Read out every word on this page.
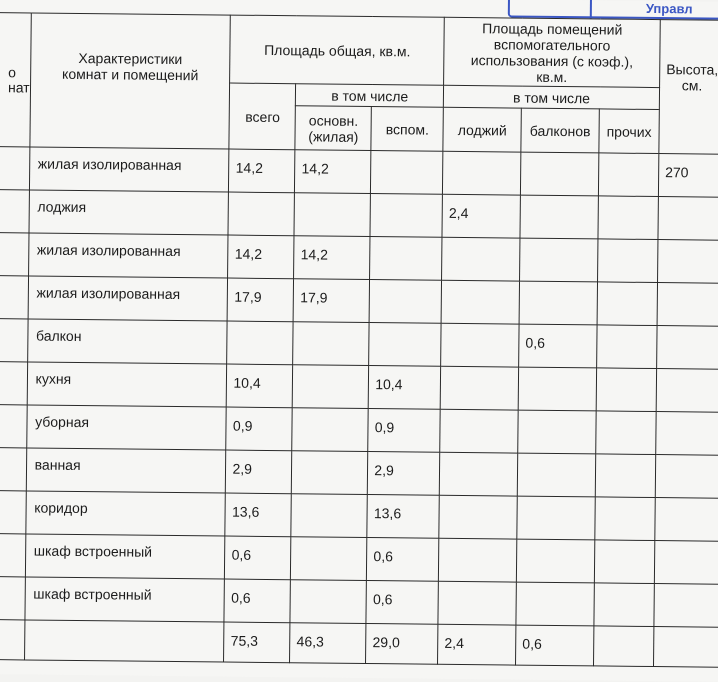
Управл
о
нат	Характеристики комнат и помещений	Площадь общая, кв.м.			Площадь помещений вспомогательного использования (с коэф.), кв.м.			Высота, см.

		всего	в том числе		в том числе			

			основн. (жилая)	вспом.	лоджий	балконов	прочих	

	жилая изолированная	14,2	14,2					270

	лоджия				2,4			

	жилая изолированная	14,2	14,2					

	жилая изолированная	17,9	17,9					

	балкон					0,6		

	кухня	10,4		10,4				

	уборная	0,9		0,9				

	ванная	2,9		2,9				

	коридор	13,6		13,6				

	шкаф встроенный	0,6		0,6				

	шкаф встроенный	0,6		0,6				

		75,3	46,3	29,0	2,4	0,6		
